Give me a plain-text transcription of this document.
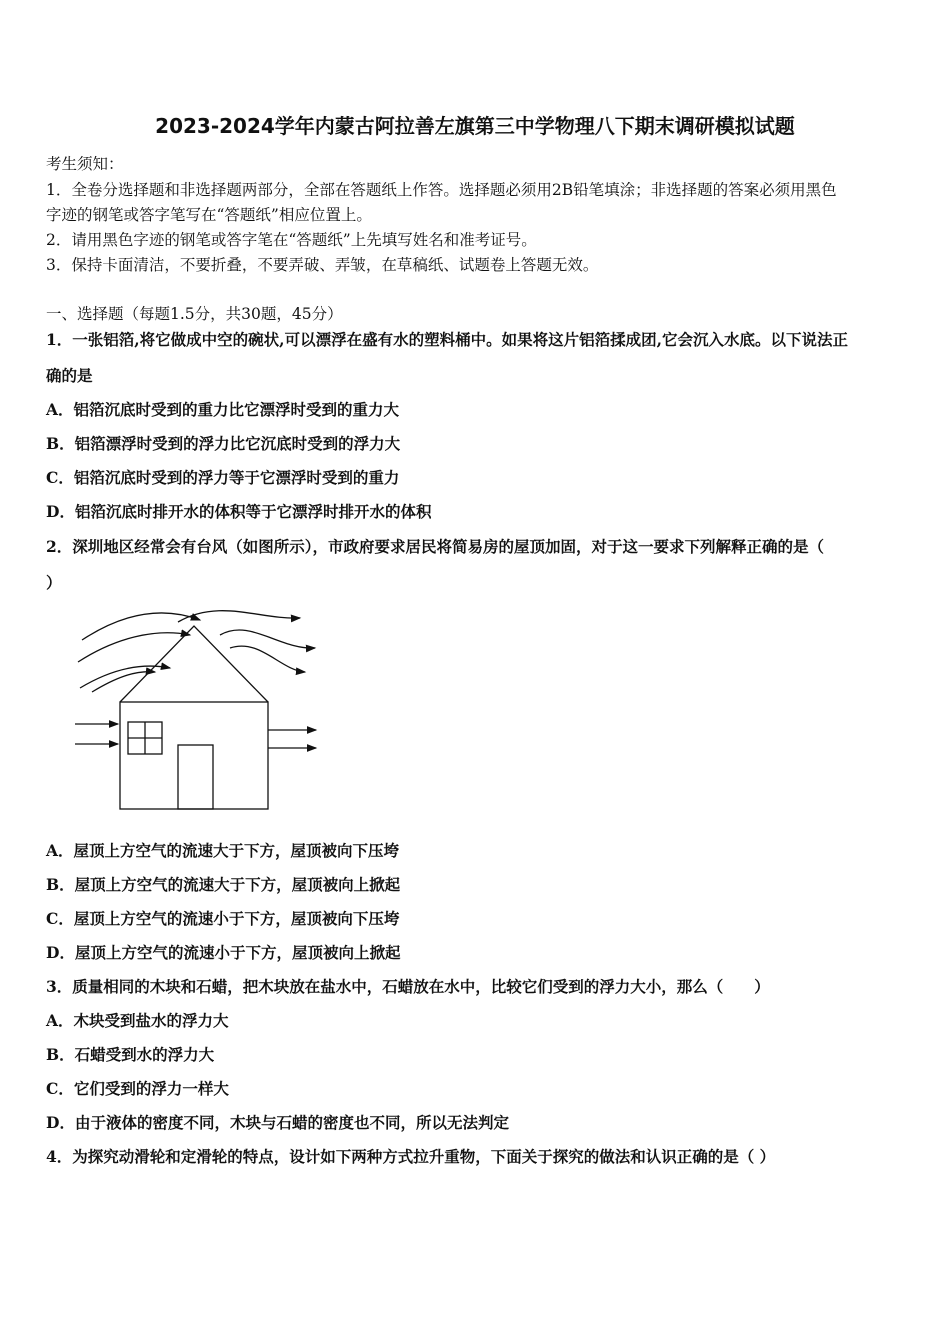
2023-2024学年内蒙古阿拉善左旗第三中学物理八下期末调研模拟试题
考生须知：
1．全卷分选择题和非选择题两部分，全部在答题纸上作答。选择题必须用2B铅笔填涂；非选择题的答案必须用黑色
字迹的钢笔或答字笔写在“答题纸”相应位置上。
2．请用黑色字迹的钢笔或答字笔在“答题纸”上先填写姓名和准考证号。
3．保持卡面清洁，不要折叠，不要弄破、弄皱，在草稿纸、试题卷上答题无效。
一、选择题（每题1.5分，共30题，45分）
1．一张铝箔,将它做成中空的碗状,可以漂浮在盛有水的塑料桶中。如果将这片铝箔揉成团,它会沉入水底。以下说法正
确的是
A．铝箔沉底时受到的重力比它漂浮时受到的重力大
B．铝箔漂浮时受到的浮力比它沉底时受到的浮力大
C．铝箔沉底时受到的浮力等于它漂浮时受到的重力
D．铝箔沉底时排开水的体积等于它漂浮时排开水的体积
2．深圳地区经常会有台风（如图所示），市政府要求居民将简易房的屋顶加固，对于这一要求下列解释正确的是（
）
A．屋顶上方空气的流速大于下方，屋顶被向下压垮
B．屋顶上方空气的流速大于下方，屋顶被向上掀起
C．屋顶上方空气的流速小于下方，屋顶被向下压垮
D．屋顶上方空气的流速小于下方，屋顶被向上掀起
3．质量相同的木块和石蜡，把木块放在盐水中，石蜡放在水中，比较它们受到的浮力大小，那么（　　）
A．木块受到盐水的浮力大
B．石蜡受到水的浮力大
C．它们受到的浮力一样大
D．由于液体的密度不同，木块与石蜡的密度也不同，所以无法判定
4．为探究动滑轮和定滑轮的特点，设计如下两种方式拉升重物，下面关于探究的做法和认识正确的是（ ）
